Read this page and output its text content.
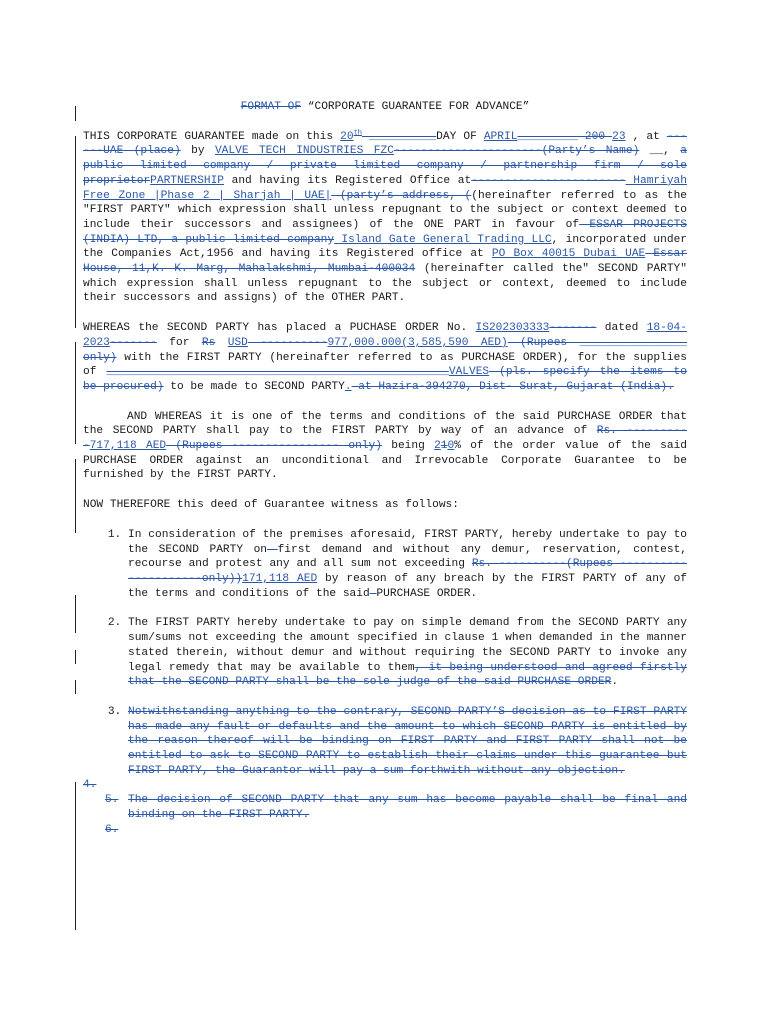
FORMAT OF “CORPORATE GUARANTEE FOR ADVANCE”

THIS CORPORATE GUARANTEE made on this 20th __________DAY OF APRIL_________ 200 23 , at ------UAE (place) by VALVE TECH INDUSTRIES FZC----------------------(Party’s Name) __, a public limited company / private limited company / partnership firm / sole proprietorPARTNERSHIP and having its Registered Office at----------------------- Hamriyah Free Zone |Phase 2 | Sharjah | UAE| (party’s address, ((hereinafter referred to as the "FIRST PARTY" which expression shall unless repugnant to the subject or context deemed to include their successors and assignees) of the ONE PART in favour of ESSAR PROJECTS (INDIA) LTD, a public limited company Island Gate General Trading LLC, incorporated under the Companies Act,1956 and having its Registered office at PO Box 40015 Dubai UAE Essar House, 11,K. K. Marg, Mahalakshmi, Mumbai-400034 (hereinafter called the" SECOND PARTY" which expression shall unless repugnant to the subject or context, deemed to include their successors and assigns) of the OTHER PART.

WHEREAS the SECOND PARTY has placed a PUCHASE ORDER No. IS202303333------- dated 18-04-2023------- for Rs USD ----------977,000.000(3,585,590 AED) (Rupees ________________ only) with the FIRST PARTY (hereinafter referred to as PURCHASE ORDER), for the supplies of ___________________________________________________VALVES (pls. specify the items to be procured) to be made to SECOND PARTY. at Hazira-394270, Dist- Surat, Gujarat (India).

AND WHEREAS it is one of the terms and conditions of the said PURCHASE ORDER that the SECOND PARTY shall pay to the FIRST PARTY by way of an advance of Rs. ----------717,118 AED (Rupees ---------------- only) being 210% of the order value of the said PURCHASE ORDER against an unconditional and Irrevocable Corporate Guarantee to be furnished by the FIRST PARTY.

NOW THEREFORE this deed of Guarantee witness as follows:

1. In consideration of the premises aforesaid, FIRST PARTY, hereby undertake to pay to the SECOND PARTY on first demand and without any demur, reservation, contest, recourse and protest any and all sum not exceeding Rs. ----------(Rupees ---------------------only))171,118 AED by reason of any breach by the FIRST PARTY of any of the terms and conditions of the said PURCHASE ORDER.
2. The FIRST PARTY hereby undertake to pay on simple demand from the SECOND PARTY any sum/sums not exceeding the amount specified in clause 1 when demanded in the manner stated therein, without demur and without requiring the SECOND PARTY to invoke any legal remedy that may be available to them, it being understood and agreed firstly that the SECOND PARTY shall be the sole judge of the said PURCHASE ORDER.
3. Notwithstanding anything to the contrary, SECOND PARTY’S decision as to FIRST PARTY has made any fault or defaults and the amount to which SECOND PARTY is entitled by the reason thereof will be binding on FIRST PARTY and FIRST PARTY shall not be entitled to ask to SECOND PARTY to establish their claims under this guarantee but FIRST PARTY, the Guarantor will pay a sum forthwith without any objection.
4.
5. The decision of SECOND PARTY that any sum has become payable shall be final and binding on the FIRST PARTY.
6.
